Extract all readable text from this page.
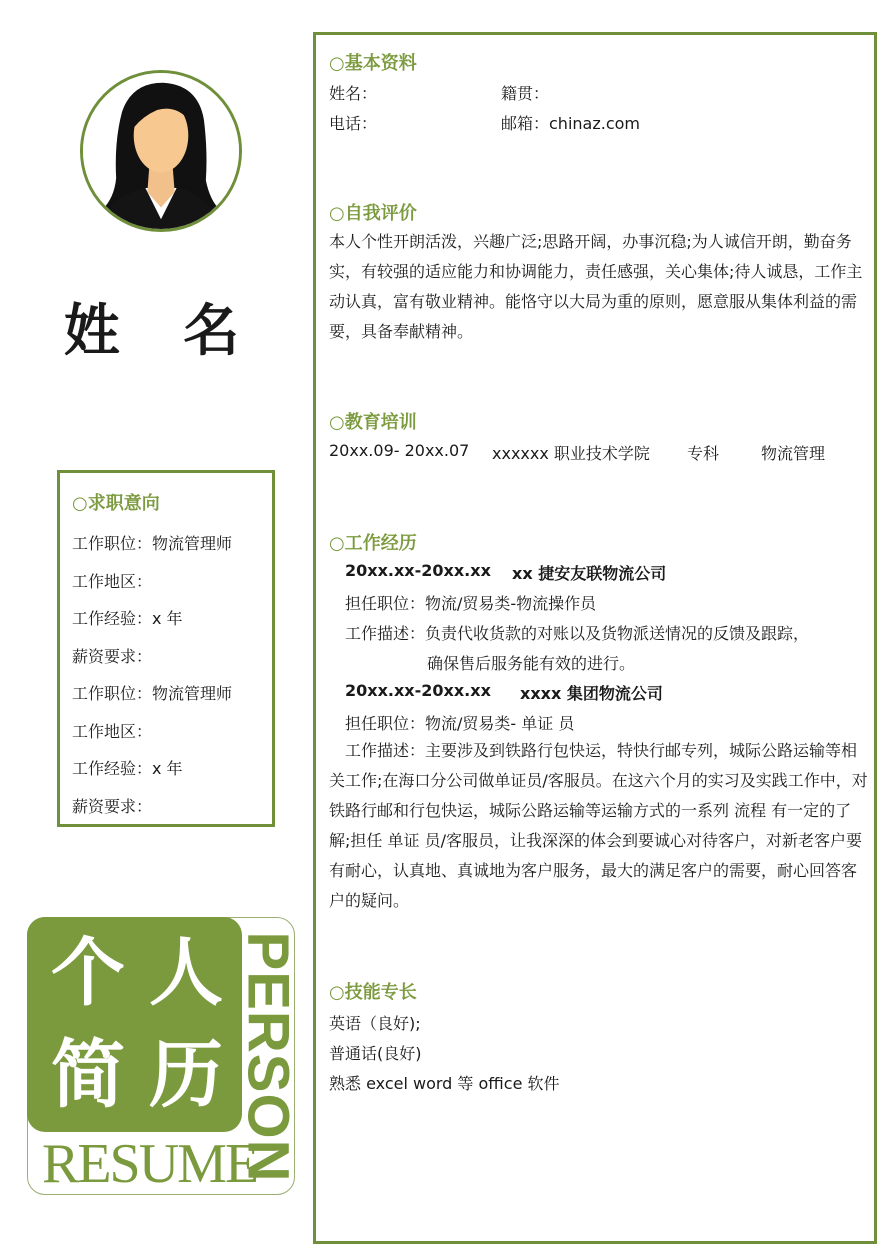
姓 名
○求职意向
工作职位：物流管理师
工作地区：
工作经验：x 年
薪资要求：
工作职位：物流管理师
工作地区：
工作经验：x 年
薪资要求：
个 人
简 历 PERSON
RESUME
○基本资料
姓名：	籍贯：
电话：	邮箱：chinaz.com
○自我评价
本人个性开朗活泼，兴趣广泛;思路开阔，办事沉稳;为人诚信开朗，勤奋务实，有较强的适应能力和协调能力，责任感强，关心集体;待人诚恳，工作主动认真，富有敬业精神。能恪守以大局为重的原则，愿意服从集体利益的需要，具备奉献精神。
○教育培训
20xx.09- 20xx.07 xxxxxx 职业技术学院 专科	物流管理
○工作经历
20xx.xx-20xx.xx xx 捷安友联物流公司
担任职位：物流/贸易类-物流操作员
工作描述：负责代收货款的对账以及货物派送情况的反馈及跟踪，
确保售后服务能有效的进行。
20xx.xx-20xx.xx xxxx 集团物流公司
担任职位：物流/贸易类- 单证 员
工作描述：主要涉及到铁路行包快运，特快行邮专列，城际公路运输等相关工作;在海口分公司做单证员/客服员。在这六个月的实习及实践工作中，对铁路行邮和行包快运，城际公路运输等运输方式的一系列 流程 有一定的了解;担任 单证 员/客服员，让我深深的体会到要诚心对待客户，对新老客户要有耐心，认真地、真诚地为客户服务，最大的满足客户的需要，耐心回答客户的疑问。
○技能专长
英语（良好);
普通话(良好)
熟悉 excel word 等 office 软件
